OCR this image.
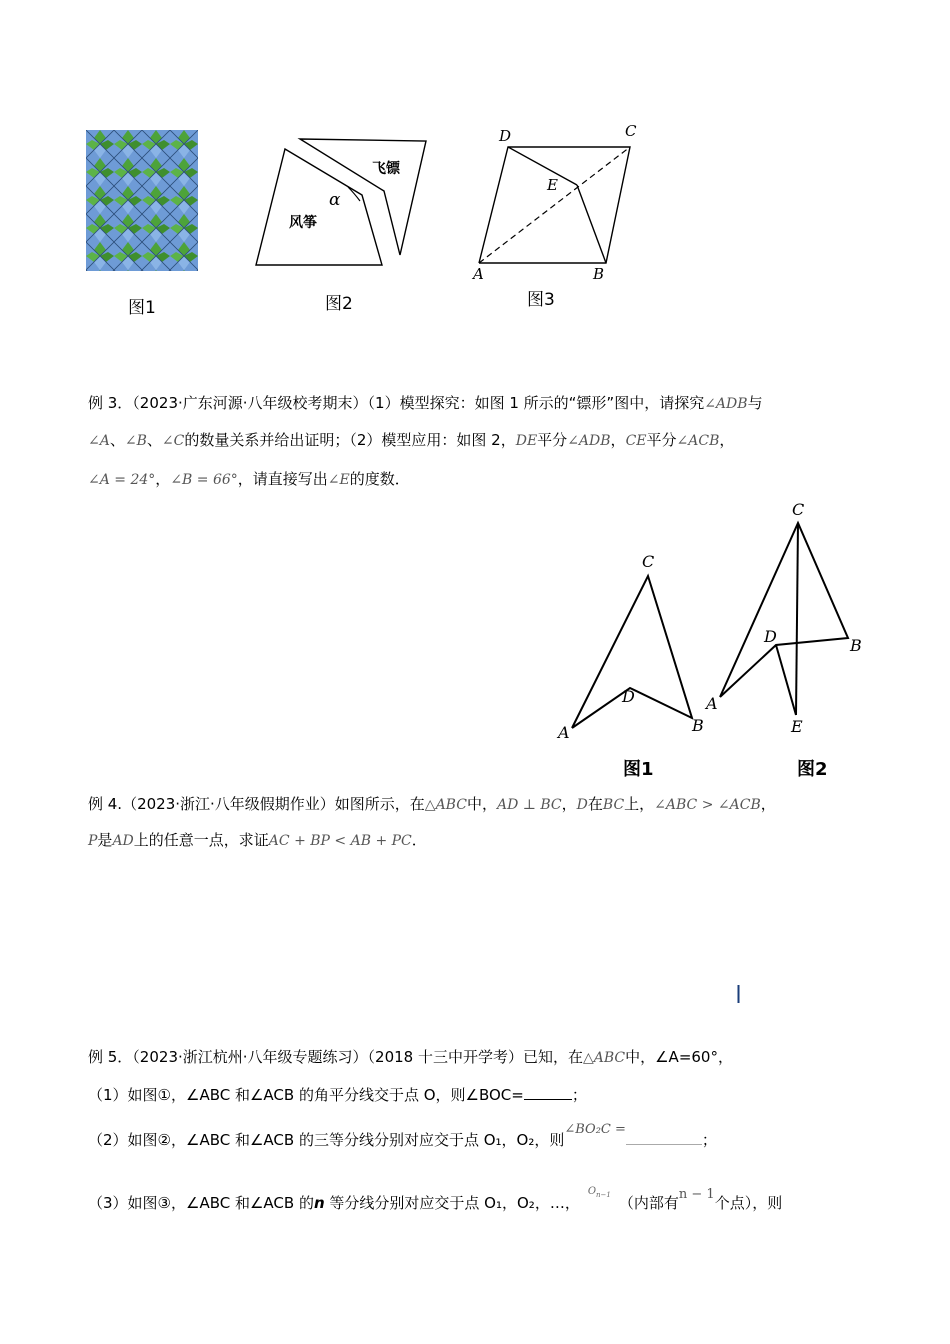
图1
α
风筝
飞镖
图2
D	C
E
A	B
图3
例 3．（2023·广东河源·八年级校考期末）（1）模型探究：如图 1 所示的“镖形”图中，请探究∠ADB与
∠A、∠B、∠C的数量关系并给出证明；（2）模型应用：如图 2，DE平分∠ADB，CE平分∠ACB，
∠A = 24°，∠B = 66°，请直接写出∠E的度数．
C
D
B
A
图1
C
D	B
A
E
图2
例 4.（2023·浙江·八年级假期作业）如图所示，在△ABC中，AD ⊥ BC，D在BC上，∠ABC > ∠ACB，
P是AD上的任意一点，求证AC + BP < AB + PC．
例 5．（2023·浙江杭州·八年级专题练习）（2018 十三中开学考）已知，在△ABC中，∠A=60°，
（1）如图①，∠ABC 和∠ACB 的角平分线交于点 O，则∠BOC=	；
（2）如图②，∠ABC 和∠ACB 的三等分线分别对应交于点 O₁，O₂，则∠BO₂C =；
（3）如图③，∠ABC 和∠ACB 的n 等分线分别对应交于点 O₁，O₂，…，$^{O_{n-1}}$ （内部有n − 1个点），则
